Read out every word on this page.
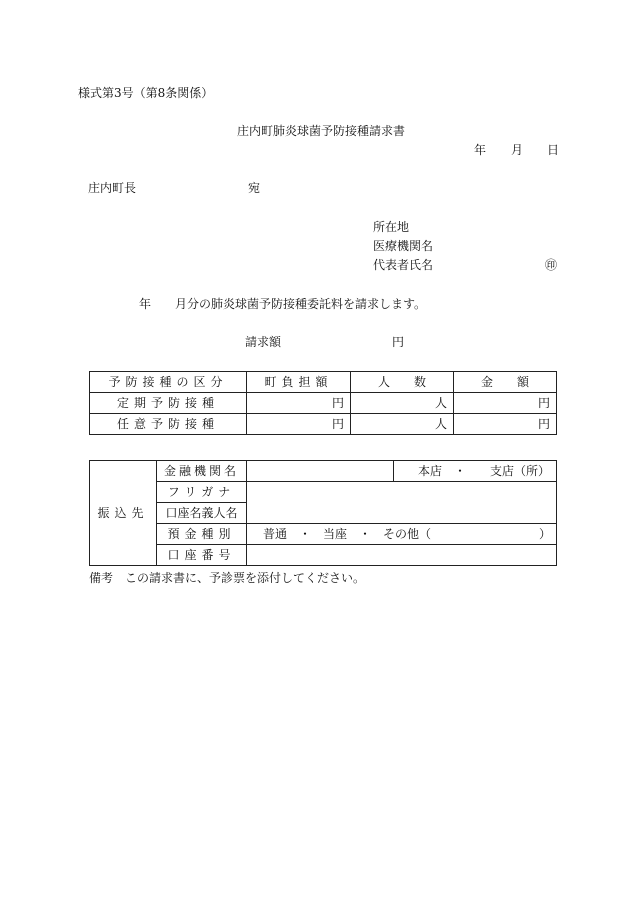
様式第3号（第8条関係）
庄内町肺炎球菌予防接種請求書
年 月 日
庄内町長	宛
所在地
医療機関名
代表者氏名	㊞
年 月分の肺炎球菌予防接種委託料を請求します。
請求額	円
予防接種の区分	町負担額	人　　数	金　　額
定期予防接種	円	人	円
任意予防接種	円	人	円
振込先	金融機関名		本店　・　　支店（所）
	フリガナ		
	口座名義人名		
	預金種別	普通　・　当座　・　その他（　　　　　　　　　）	
	口座番号		
備考　この請求書に、予診票を添付してください。
